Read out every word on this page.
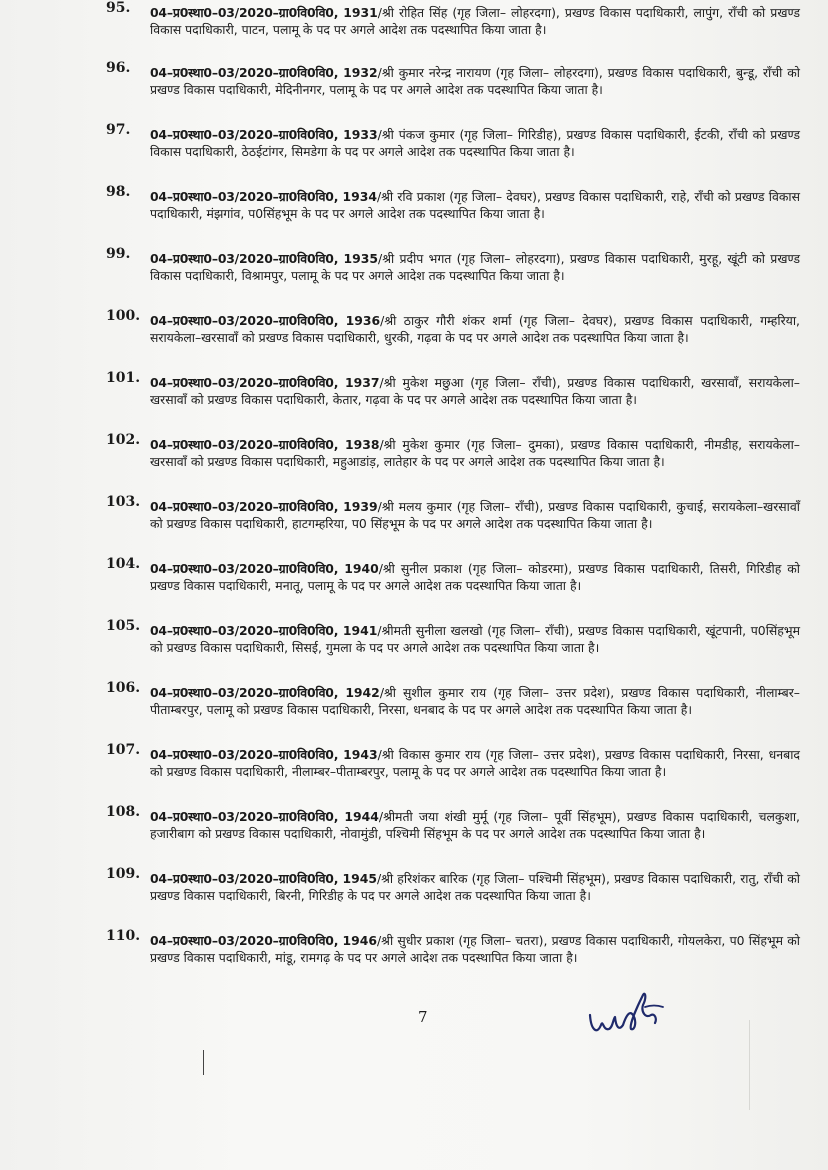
95.	04–प्र0स्था0–03/2020–ग्रा0वि0वि0, 1931/श्री रोहित सिंह (गृह जिला– लोहरदगा), प्रखण्ड विकास पदाधिकारी, लापुंग, राँची को प्रखण्ड विकास पदाधिकारी, पाटन, पलामू के पद पर अगले आदेश तक पदस्थापित किया जाता है।
96.	04–प्र0स्था0–03/2020–ग्रा0वि0वि0, 1932/श्री कुमार नरेन्द्र नारायण (गृह जिला– लोहरदगा), प्रखण्ड विकास पदाधिकारी, बुन्डू, राँची को प्रखण्ड विकास पदाधिकारी, मेदिनीनगर, पलामू के पद पर अगले आदेश तक पदस्थापित किया जाता है।
97.	04–प्र0स्था0–03/2020–ग्रा0वि0वि0, 1933/श्री पंकज कुमार (गृह जिला– गिरिडीह), प्रखण्ड विकास पदाधिकारी, ईटकी, राँची को प्रखण्ड विकास पदाधिकारी, ठेठईटांगर, सिमडेगा के पद पर अगले आदेश तक पदस्थापित किया जाता है।
98.	04–प्र0स्था0–03/2020–ग्रा0वि0वि0, 1934/श्री रवि प्रकाश (गृह जिला– देवघर), प्रखण्ड विकास पदाधिकारी, राहे, राँची को प्रखण्ड विकास पदाधिकारी, मंझगांव, प0सिंहभूम के पद पर अगले आदेश तक पदस्थापित किया जाता है।
99.	04–प्र0स्था0–03/2020–ग्रा0वि0वि0, 1935/श्री प्रदीप भगत (गृह जिला– लोहरदगा), प्रखण्ड विकास पदाधिकारी, मुरहू, खूंटी को प्रखण्ड विकास पदाधिकारी, विश्रामपुर, पलामू के पद पर अगले आदेश तक पदस्थापित किया जाता है।
100. 04–प्र0स्था0–03/2020–ग्रा0वि0वि0, 1936/श्री ठाकुर गौरी शंकर शर्मा (गृह जिला– देवघर), प्रखण्ड विकास पदाधिकारी, गम्हरिया, सरायकेला–खरसावाँ को प्रखण्ड विकास पदाधिकारी, धुरकी, गढ़वा के पद पर अगले आदेश तक पदस्थापित किया जाता है।
101. 04–प्र0स्था0–03/2020–ग्रा0वि0वि0, 1937/श्री मुकेश मछुआ (गृह जिला– राँची), प्रखण्ड विकास पदाधिकारी, खरसावाँ, सरायकेला–खरसावाँ को प्रखण्ड विकास पदाधिकारी, केतार, गढ़वा के पद पर अगले आदेश तक पदस्थापित किया जाता है।
102. 04–प्र0स्था0–03/2020–ग्रा0वि0वि0, 1938/श्री मुकेश कुमार (गृह जिला– दुमका), प्रखण्ड विकास पदाधिकारी, नीमडीह, सरायकेला–खरसावाँ को प्रखण्ड विकास पदाधिकारी, महुआडांड़, लातेहार के पद पर अगले आदेश तक पदस्थापित किया जाता है।
103. 04–प्र0स्था0–03/2020–ग्रा0वि0वि0, 1939/श्री मलय कुमार (गृह जिला– राँची), प्रखण्ड विकास पदाधिकारी, कुचाई, सरायकेला–खरसावाँ को प्रखण्ड विकास पदाधिकारी, हाटगम्हरिया, प0 सिंहभूम के पद पर अगले आदेश तक पदस्थापित किया जाता है।
104. 04–प्र0स्था0–03/2020–ग्रा0वि0वि0, 1940/श्री सुनील प्रकाश (गृह जिला– कोडरमा), प्रखण्ड विकास पदाधिकारी, तिसरी, गिरिडीह को प्रखण्ड विकास पदाधिकारी, मनातू, पलामू के पद पर अगले आदेश तक पदस्थापित किया जाता है।
105. 04–प्र0स्था0–03/2020–ग्रा0वि0वि0, 1941/श्रीमती सुनीला खलखो (गृह जिला– राँची), प्रखण्ड विकास पदाधिकारी, खूंटपानी, प0सिंहभूम को प्रखण्ड विकास पदाधिकारी, सिसई, गुमला के पद पर अगले आदेश तक पदस्थापित किया जाता है।
106. 04–प्र0स्था0–03/2020–ग्रा0वि0वि0, 1942/श्री सुशील कुमार राय (गृह जिला– उत्तर प्रदेश), प्रखण्ड विकास पदाधिकारी, नीलाम्बर–पीताम्बरपुर, पलामू को प्रखण्ड विकास पदाधिकारी, निरसा, धनबाद के पद पर अगले आदेश तक पदस्थापित किया जाता है।
107. 04–प्र0स्था0–03/2020–ग्रा0वि0वि0, 1943/श्री विकास कुमार राय (गृह जिला– उत्तर प्रदेश), प्रखण्ड विकास पदाधिकारी, निरसा, धनबाद को प्रखण्ड विकास पदाधिकारी, नीलाम्बर–पीताम्बरपुर, पलामू के पद पर अगले आदेश तक पदस्थापित किया जाता है।
108. 04–प्र0स्था0–03/2020–ग्रा0वि0वि0, 1944/श्रीमती जया शंखी मुर्मू (गृह जिला– पूर्वी सिंहभूम), प्रखण्ड विकास पदाधिकारी, चलकुशा, हजारीबाग को प्रखण्ड विकास पदाधिकारी, नोवामुंडी, पश्चिमी सिंहभूम के पद पर अगले आदेश तक पदस्थापित किया जाता है।
109. 04–प्र0स्था0–03/2020–ग्रा0वि0वि0, 1945/श्री हरिशंकर बारिक (गृह जिला– पश्चिमी सिंहभूम), प्रखण्ड विकास पदाधिकारी, रातु, राँची को प्रखण्ड विकास पदाधिकारी, बिरनी, गिरिडीह के पद पर अगले आदेश तक पदस्थापित किया जाता है।
110. 04–प्र0स्था0–03/2020–ग्रा0वि0वि0, 1946/श्री सुधीर प्रकाश (गृह जिला– चतरा), प्रखण्ड विकास पदाधिकारी, गोयलकेरा, प0 सिंहभूम को प्रखण्ड विकास पदाधिकारी, मांडू, रामगढ़ के पद पर अगले आदेश तक पदस्थापित किया जाता है।
7
